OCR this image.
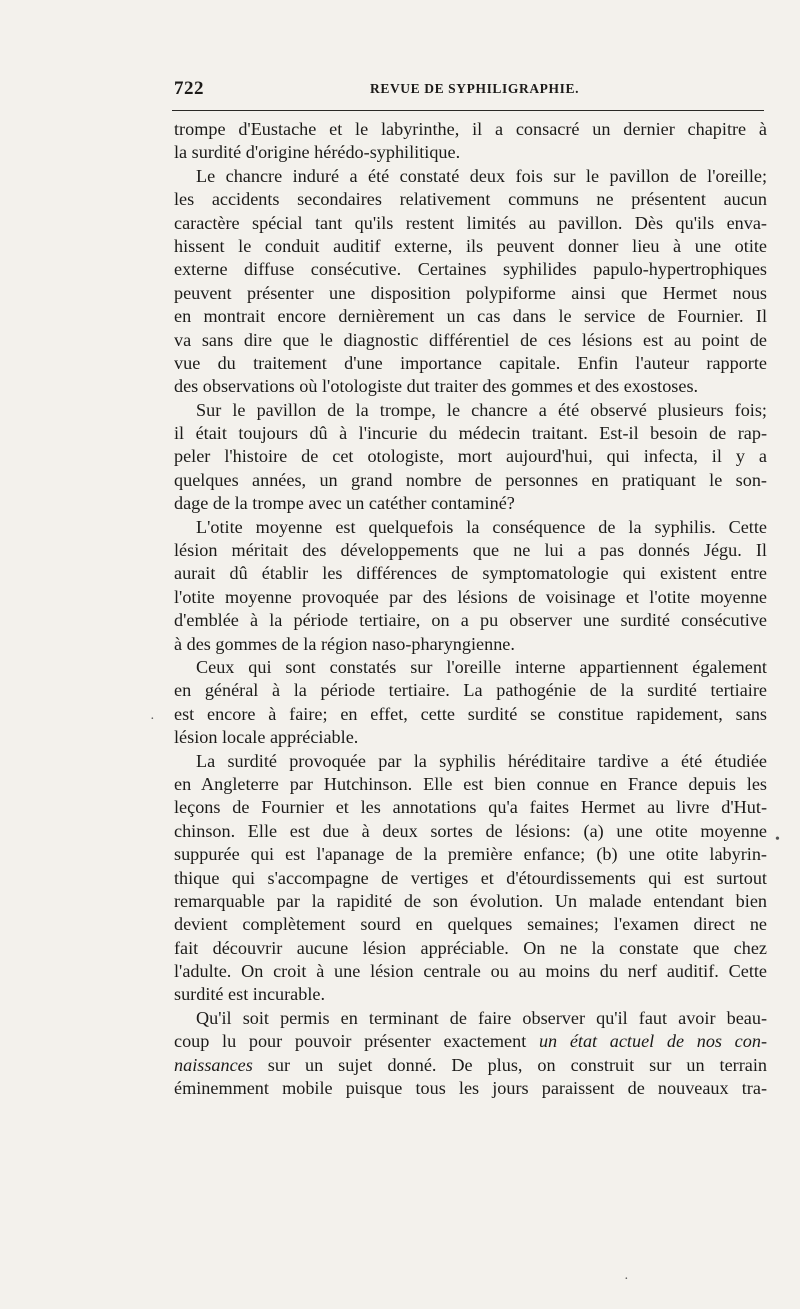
722	REVUE DE SYPHILIGRAPHIE.
trompe d'Eustache et le labyrinthe, il a consacré un dernier chapitre à
la surdité d'origine hérédo-syphilitique.
Le chancre induré a été constaté deux fois sur le pavillon de l'oreille;
les accidents secondaires relativement communs ne présentent aucun
caractère spécial tant qu'ils restent limités au pavillon. Dès qu'ils enva-
hissent le conduit auditif externe, ils peuvent donner lieu à une otite
externe diffuse consécutive. Certaines syphilides papulo-hypertrophiques
peuvent présenter une disposition polypiforme ainsi que Hermet nous
en montrait encore dernièrement un cas dans le service de Fournier. Il
va sans dire que le diagnostic différentiel de ces lésions est au point de
vue du traitement d'une importance capitale. Enfin l'auteur rapporte
des observations où l'otologiste dut traiter des gommes et des exostoses.
Sur le pavillon de la trompe, le chancre a été observé plusieurs fois;
il était toujours dû à l'incurie du médecin traitant. Est-il besoin de rap-
peler l'histoire de cet otologiste, mort aujourd'hui, qui infecta, il y a
quelques années, un grand nombre de personnes en pratiquant le son-
dage de la trompe avec un catéther contaminé?
L'otite moyenne est quelquefois la conséquence de la syphilis. Cette
lésion méritait des développements que ne lui a pas donnés Jégu. Il
aurait dû établir les différences de symptomatologie qui existent entre
l'otite moyenne provoquée par des lésions de voisinage et l'otite moyenne
d'emblée à la période tertiaire, on a pu observer une surdité consécutive
à des gommes de la région naso-pharyngienne.
Ceux qui sont constatés sur l'oreille interne appartiennent également
en général à la période tertiaire. La pathogénie de la surdité tertiaire
est encore à faire; en effet, cette surdité se constitue rapidement, sans
lésion locale appréciable.
La surdité provoquée par la syphilis héréditaire tardive a été étudiée
en Angleterre par Hutchinson. Elle est bien connue en France depuis les
leçons de Fournier et les annotations qu'a faites Hermet au livre d'Hut-
chinson. Elle est due à deux sortes de lésions: (a) une otite moyenne
suppurée qui est l'apanage de la première enfance; (b) une otite labyrin-
thique qui s'accompagne de vertiges et d'étourdissements qui est surtout
remarquable par la rapidité de son évolution. Un malade entendant bien
devient complètement sourd en quelques semaines; l'examen direct ne
fait découvrir aucune lésion appréciable. On ne la constate que chez
l'adulte. On croit à une lésion centrale ou au moins du nerf auditif. Cette
surdité est incurable.
Qu'il soit permis en terminant de faire observer qu'il faut avoir beau-
coup lu pour pouvoir présenter exactement un état actuel de nos con-
naissances sur un sujet donné. De plus, on construit sur un terrain
éminemment mobile puisque tous les jours paraissent de nouveaux tra-
•
·
·
